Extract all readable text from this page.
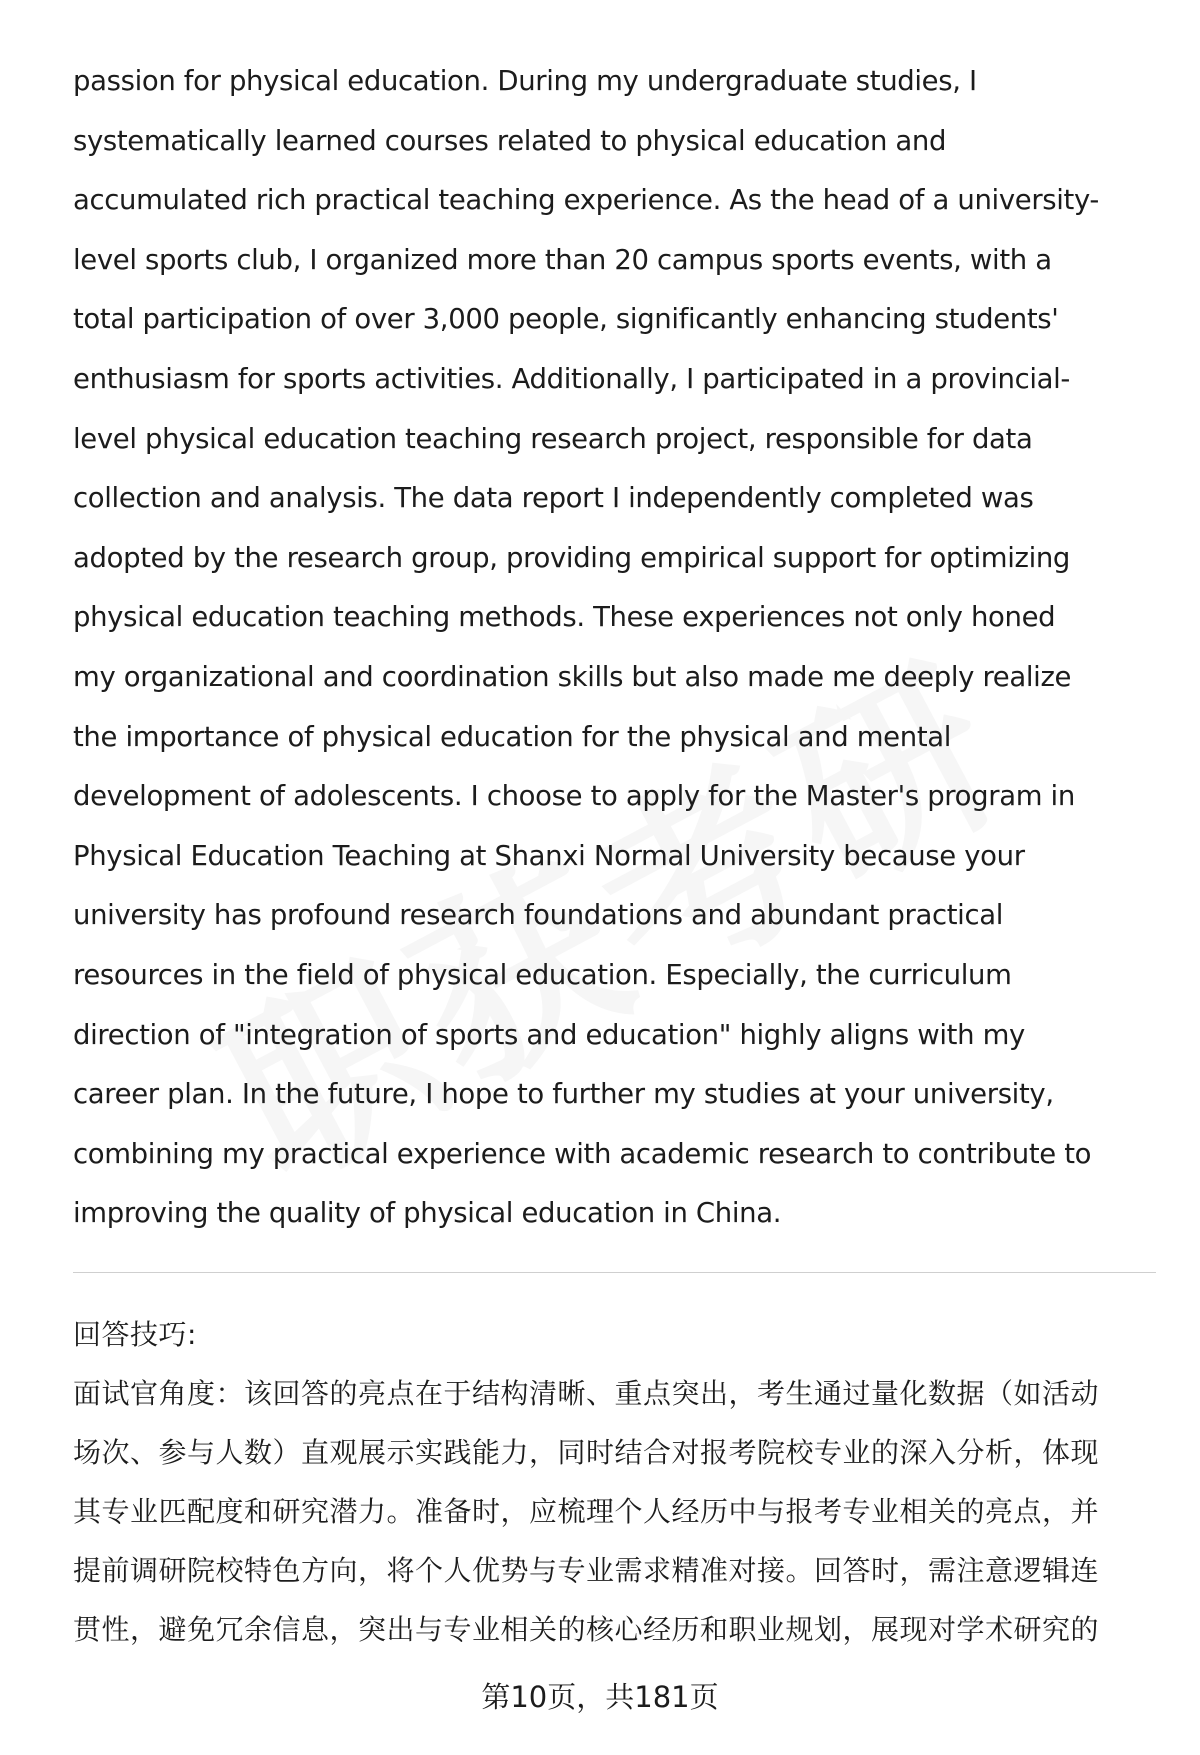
passion for physical education. During my undergraduate studies, I
systematically learned courses related to physical education and
accumulated rich practical teaching experience. As the head of a university-
level sports club, I organized more than 20 campus sports events, with a
total participation of over 3,000 people, significantly enhancing students'
enthusiasm for sports activities. Additionally, I participated in a provincial-
level physical education teaching research project, responsible for data
collection and analysis. The data report I independently completed was
adopted by the research group, providing empirical support for optimizing
physical education teaching methods. These experiences not only honed
my organizational and coordination skills but also made me deeply realize
the importance of physical education for the physical and mental
development of adolescents. I choose to apply for the Master's program in
Physical Education Teaching at Shanxi Normal University because your
university has profound research foundations and abundant practical
resources in the field of physical education. Especially, the curriculum
direction of "integration of sports and education" highly aligns with my
career plan. In the future, I hope to further my studies at your university,
combining my practical experience with academic research to contribute to
improving the quality of physical education in China.
回答技巧:
面试官角度：该回答的亮点在于结构清晰、重点突出，考生通过量化数据（如活动
场次、参与人数）直观展示实践能力，同时结合对报考院校专业的深入分析，体现
其专业匹配度和研究潜力。准备时，应梳理个人经历中与报考专业相关的亮点，并
提前调研院校特色方向，将个人优势与专业需求精准对接。回答时，需注意逻辑连
贯性，避免冗余信息，突出与专业相关的核心经历和职业规划，展现对学术研究的
第10页，共181页
